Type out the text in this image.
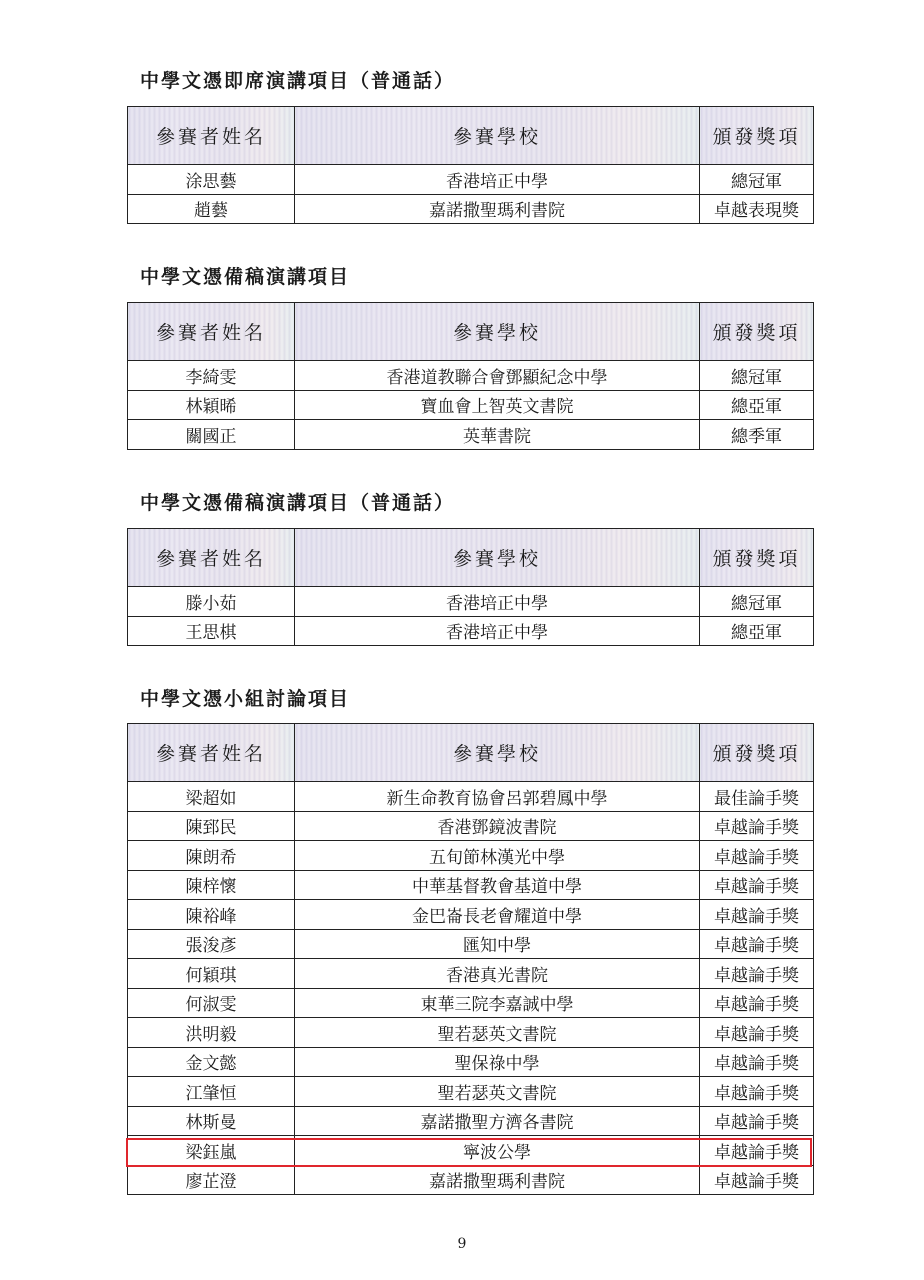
中學文憑即席演講項目（普通話）
參賽者姓名	參賽學校	頒發獎項
涂思藝	香港培正中學	總冠軍
趙藝	嘉諾撒聖瑪利書院	卓越表現獎
中學文憑備稿演講項目
參賽者姓名	參賽學校	頒發獎項
李綺雯	香港道教聯合會鄧顯紀念中學	總冠軍
林穎晞	寶血會上智英文書院	總亞軍
關國正	英華書院	總季軍
中學文憑備稿演講項目（普通話）
參賽者姓名	參賽學校	頒發獎項
滕小茹	香港培正中學	總冠軍
王思棋	香港培正中學	總亞軍
中學文憑小組討論項目
參賽者姓名	參賽學校	頒發獎項
梁超如	新生命教育協會呂郭碧鳳中學	最佳論手獎
陳郅民	香港鄧鏡波書院	卓越論手獎
陳朗希	五旬節林漢光中學	卓越論手獎
陳梓懷	中華基督教會基道中學	卓越論手獎
陳裕峰	金巴崙長老會耀道中學	卓越論手獎
張浚彥	匯知中學	卓越論手獎
何穎琪	香港真光書院	卓越論手獎
何淑雯	東華三院李嘉誠中學	卓越論手獎
洪明毅	聖若瑟英文書院	卓越論手獎
金文懿	聖保祿中學	卓越論手獎
江肇恒	聖若瑟英文書院	卓越論手獎
林斯曼	嘉諾撒聖方濟各書院	卓越論手獎
梁鈺嵐	寧波公學	卓越論手獎
廖芷澄	嘉諾撒聖瑪利書院	卓越論手獎
9
